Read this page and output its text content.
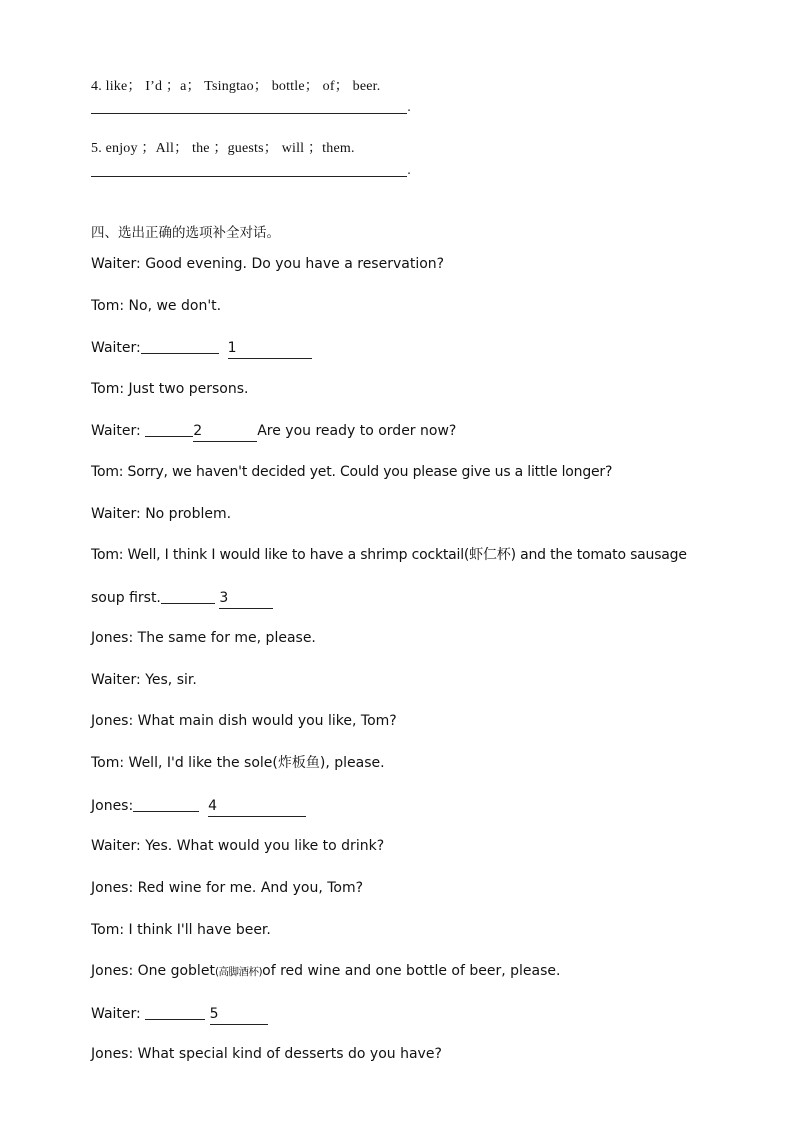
4. like； I’d ；a； Tsingtao； bottle； of； beer.
.
5. enjoy ；All； the ；guests； will ；them.
.
四、选出正确的选项补全对话。
Waiter: Good evening. Do you have a reservation?
Tom: No, we don't.
Waiter:	1
Tom: Just two persons.
Waiter:	2	Are you ready to order now?
Tom: Sorry, we haven't decided yet. Could you please give us a little longer?
Waiter: No problem.
Tom: Well, I think I would like to have a shrimp cocktail(虾仁杯) and the tomato sausage
soup first.	3
Jones: The same for me, please.
Waiter: Yes, sir.
Jones: What main dish would you like, Tom?
Tom: Well, I'd like the sole(炸板鱼), please.
Jones:	4
Waiter: Yes. What would you like to drink?
Jones: Red wine for me. And you, Tom?
Tom: I think I'll have beer.
Jones: One goblet(高脚酒杯)of red wine and one bottle of beer, please.
Waiter:	5
Jones: What special kind of desserts do you have?
